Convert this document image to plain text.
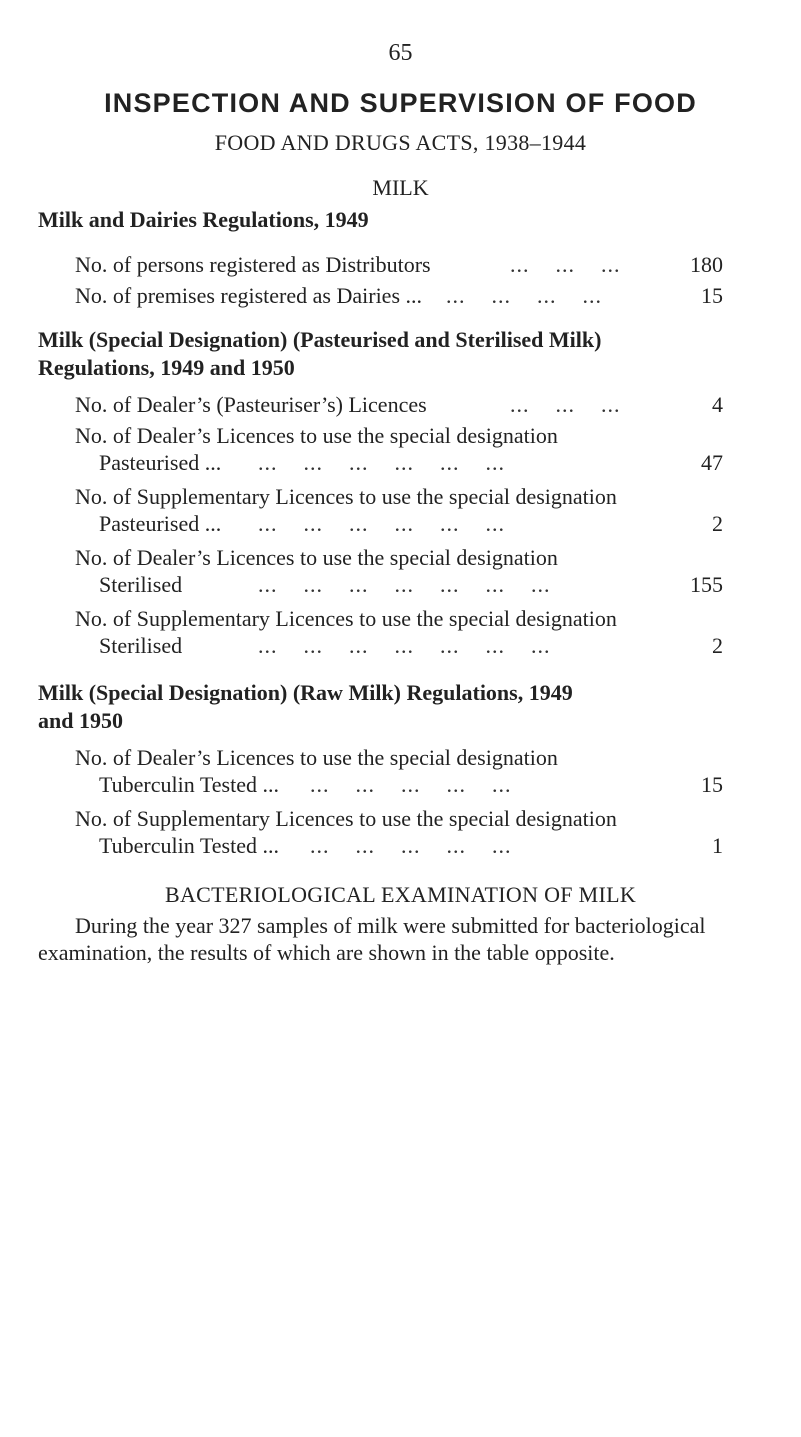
65
INSPECTION AND SUPERVISION OF FOOD
FOOD AND DRUGS ACTS, 1938–1944
MILK
Milk and Dairies Regulations, 1949
No. of persons registered as Distributors	...    ...    ...	180
No. of premises registered as Dairies ... ...    ...    ...    ...	15
Milk (Special Designation) (Pasteurised and Sterilised Milk)
Regulations, 1949 and 1950
No. of Dealer’s (Pasteuriser’s) Licences	...    ...    ...	4
No. of Dealer’s Licences to use the special designation
Pasteurised ... ...    ...    ...    ...    ...    ...	47
No. of Supplementary Licences to use the special designation
Pasteurised ... ...    ...    ...    ...    ...    ...	2
No. of Dealer’s Licences to use the special designation
Sterilised	...    ...    ...    ...    ...    ...    ...	155
No. of Supplementary Licences to use the special designation
Sterilised	...    ...    ...    ...    ...    ...    ...	2
Milk (Special Designation) (Raw Milk) Regulations, 1949
and 1950
No. of Dealer’s Licences to use the special designation
Tuberculin Tested ... ...    ...    ...    ...    ...	15
No. of Supplementary Licences to use the special designation
Tuberculin Tested ... ...    ...    ...    ...    ...	1
BACTERIOLOGICAL EXAMINATION OF MILK
During the year 327 samples of milk were submitted for bacteriological
examination, the results of which are shown in the table opposite.
